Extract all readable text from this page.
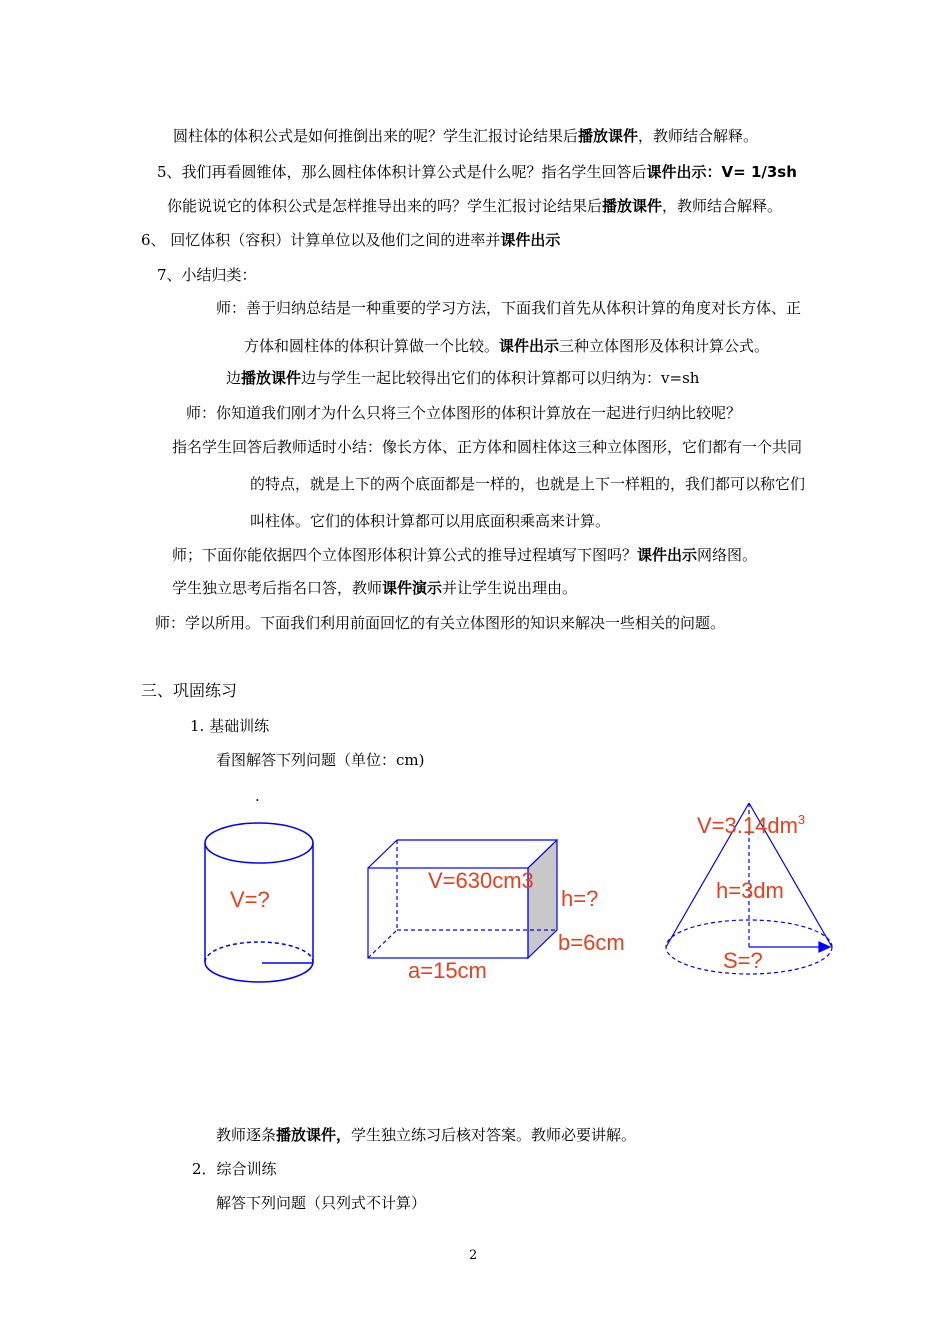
圆柱体的体积公式是如何推倒出来的呢？学生汇报讨论结果后播放课件，教师结合解释。
5、我们再看圆锥体，那么圆柱体体积计算公式是什么呢？指名学生回答后课件出示：V= 1/3sh
你能说说它的体积公式是怎样推导出来的吗？学生汇报讨论结果后播放课件，教师结合解释。
6、 回忆体积（容积）计算单位以及他们之间的进率并课件出示
7、小结归类：
师：善于归纳总结是一种重要的学习方法，下面我们首先从体积计算的角度对长方体、正
方体和圆柱体的体积计算做一个比较。课件出示三种立体图形及体积计算公式。
边播放课件边与学生一起比较得出它们的体积计算都可以归纳为：v=sh
师：你知道我们刚才为什么只将三个立体图形的体积计算放在一起进行归纳比较呢？
指名学生回答后教师适时小结：像长方体、正方体和圆柱体这三种立体图形，它们都有一个共同
的特点，就是上下的两个底面都是一样的，也就是上下一样粗的，我们都可以称它们
叫柱体。它们的体积计算都可以用底面积乘高来计算。
师；下面你能依据四个立体图形体积计算公式的推导过程填写下图吗？课件出示网络图。
学生独立思考后指名口答，教师课件演示并让学生说出理由。
师：学以所用。下面我们利用前面回忆的有关立体图形的知识来解决一些相关的问题。
三、巩固练习
1. 基础训练
看图解答下列问题（单位：cm)
.
V=?
V=630cm3
h=?
b=6cm
a=15cm
$V=3.14dm^3$
h=3dm
S=?
教师逐条播放课件，学生独立练习后核对答案。教师必要讲解。
2．综合训练
解答下列问题（只列式不计算）
2
